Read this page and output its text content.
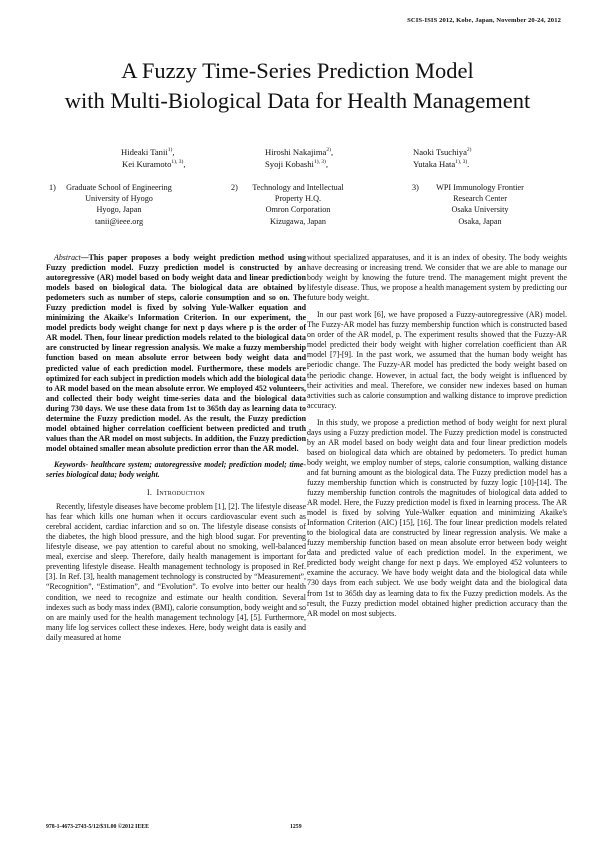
SCIS-ISIS 2012, Kobe, Japan, November 20-24, 2012
A Fuzzy Time-Series Prediction Model
with Multi-Biological Data for Health Management
Hideaki Tanii$^{1)}$,	Hiroshi Nakajima$^{2)}$,	Naoki Tsuchiya$^{2)}$
Kei Kuramoto$^{1), 3)}$,	Syoji Kobashi$^{1), 3)}$,	Yutaka Hata$^{1), 3)}$.
1)	Graduate School of Engineering
University of Hyogo
Hyogo, Japan
tanii@ieee.org
2)	Technology and Intellectual
Property H.Q.
Omron Corporation
Kizugawa, Japan
3)	WPI Immunology Frontier
Research Center
Osaka University
Osaka, Japan

Abstract—This paper proposes a body weight prediction method using Fuzzy prediction model. Fuzzy prediction model is constructed by an autoregressive (AR) model based on body weight data and linear prediction models based on biological data. The biological data are obtained by pedometers such as number of steps, calorie consumption and so on. The Fuzzy prediction model is fixed by solving Yule-Walker equation and minimizing the Akaike's Information Criterion. In our experiment, the model predicts body weight change for next p days where p is the order of AR model. Then, four linear prediction models related to the biological data are constructed by linear regression analysis. We make a fuzzy membership function based on mean absolute error between body weight data and predicted value of each prediction model. Furthermore, these models are optimized for each subject in prediction models which add the biological data to AR model based on the mean absolute error. We employed 452 volunteers, and collected their body weight time-series data and the biological data during 730 days. We use these data from 1st to 365th day as learning data to determine the Fuzzy prediction model. As the result, the Fuzzy prediction model obtained higher correlation coefficient between predicted and truth values than the AR model on most subjects. In addition, the Fuzzy prediction model obtained smaller mean absolute prediction error than the AR model.

Keywords- healthcare system; autoregressive model; prediction model; time-series biological data; body weight.

I. Introduction

Recently, lifestyle diseases have become problem [1], [2]. The lifestyle disease has fear which kills one human when it occurs cardiovascular event such as cerebral accident, cardiac infarction and so on. The lifestyle disease consists of the diabetes, the high blood pressure, and the high blood sugar. For preventing lifestyle disease, we pay attention to careful about no smoking, well-balanced meal, exercise and sleep. Therefore, daily health management is important for preventing lifestyle disease. Health management technology is proposed in Ref. [3]. In Ref. [3], health management technology is constructed by “Measurement”, “Recognition”, “Estimation”, and “Evolution”. To evolve into better our health condition, we need to recognize and estimate our health condition. Several indexes such as body mass index (BMI), calorie consumption, body weight and so on are mainly used for the health management technology [4], [5]. Furthermore, many life log services collect these indexes. Here, body weight data is easily and daily measured at home

without specialized apparatuses, and it is an index of obesity. The body weights have decreasing or increasing trend. We consider that we are able to manage our body weight by knowing the future trend. The management might prevent the lifestyle disease. Thus, we propose a health management system by predicting our future body weight.

In our past work [6], we have proposed a Fuzzy-autoregressive (AR) model. The Fuzzy-AR model has fuzzy membership function which is constructed based on order of the AR model, p. The experiment results showed that the Fuzzy-AR model predicted their body weight with higher correlation coefficient than AR model [7]-[9]. In the past work, we assumed that the human body weight has periodic change. The Fuzzy-AR model has predicted the body weight based on the periodic change. However, in actual fact, the body weight is influenced by their activities and meal. Therefore, we consider new indexes based on human activities such as calorie consumption and walking distance to improve prediction accuracy.

In this study, we propose a prediction method of body weight for next plural days using a Fuzzy prediction model. The Fuzzy prediction model is constructed by an AR model based on body weight data and four linear prediction models based on biological data which are obtained by pedometers. To predict human body weight, we employ number of steps, calorie consumption, walking distance and fat burning amount as the biological data. The Fuzzy prediction model has a fuzzy membership function which is constructed by fuzzy logic [10]-[14]. The fuzzy membership function controls the magnitudes of biological data added to AR model. Here, the Fuzzy prediction model is fixed in learning process. The AR model is fixed by solving Yule-Walker equation and minimizing Akaike's Information Criterion (AIC) [15], [16]. The four linear prediction models related to the biological data are constructed by linear regression analysis. We make a fuzzy membership function based on mean absolute error between body weight data and predicted value of each prediction model. In the experiment, we predicted body weight change for next p days. We employed 452 volunteers to examine the accuracy. We have body weight data and the biological data while 730 days from each subject. We use body weight data and the biological data from 1st to 365th day as learning data to fix the Fuzzy prediction models. As the result, the Fuzzy prediction model obtained higher prediction accuracy than the AR model on most subjects.

978-1-4673-2743-5/12/$31.00 ©2012 IEEE	1259
